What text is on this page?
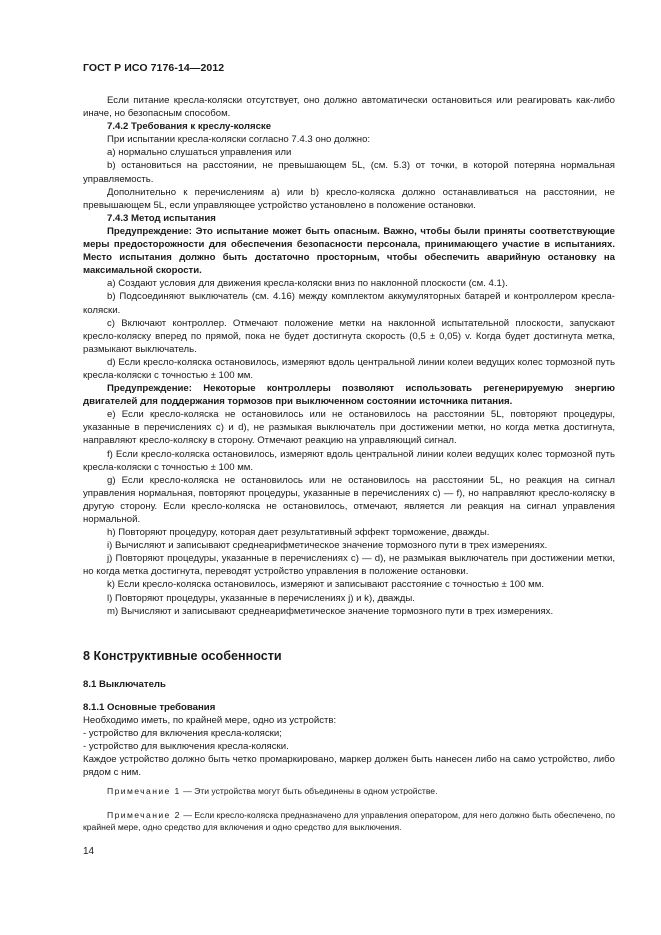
ГОСТ Р ИСО 7176-14—2012

Если питание кресла-коляски отсутствует, оно должно автоматически остановиться или реагировать как-либо иначе, но безопасным способом.

7.4.2 Требования к креслу-коляске

При испытании кресла-коляски согласно 7.4.3 оно должно:

a) нормально слушаться управления или

b) остановиться на расстоянии, не превышающем 5L, (см. 5.3) от точки, в которой потеряна нормальная управляемость.

Дополнительно к перечислениям a) или b) кресло-коляска должно останавливаться на расстоянии, не превышающем 5L, если управляющее устройство установлено в положение остановки.

7.4.3 Метод испытания

Предупреждение: Это испытание может быть опасным. Важно, чтобы были приняты соответствующие меры предосторожности для обеспечения безопасности персонала, принимающего участие в испытаниях. Место испытания должно быть достаточно просторным, чтобы обеспечить аварийную остановку на максимальной скорости.

a) Создают условия для движения кресла-коляски вниз по наклонной плоскости (см. 4.1).

b) Подсоединяют выключатель (см. 4.16) между комплектом аккумуляторных батарей и контроллером кресла-коляски.

c) Включают контроллер. Отмечают положение метки на наклонной испытательной плоскости, запускают кресло-коляску вперед по прямой, пока не будет достигнута скорость (0,5 ± 0,05) v. Когда будет достигнута метка, размыкают выключатель.

d) Если кресло-коляска остановилось, измеряют вдоль центральной линии колеи ведущих колес тормозной путь кресла-коляски с точностью ± 100 мм.

Предупреждение: Некоторые контроллеры позволяют использовать регенерируемую энергию двигателей для поддержания тормозов при выключенном состоянии источника питания.

e) Если кресло-коляска не остановилось или не остановилось на расстоянии 5L, повторяют процедуры, указанные в перечислениях c) и d), не размыкая выключатель при достижении метки, но когда метка достигнута, направляют кресло-коляску в сторону. Отмечают реакцию на управляющий сигнал.

f) Если кресло-коляска остановилось, измеряют вдоль центральной линии колеи ведущих колес тормозной путь кресла-коляски с точностью ± 100 мм.

g) Если кресло-коляска не остановилось или не остановилось на расстоянии 5L, но реакция на сигнал управления нормальная, повторяют процедуры, указанные в перечислениях c) — f), но направляют кресло-коляску в другую сторону. Если кресло-коляска не остановилось, отмечают, является ли реакция на сигнал управления нормальной.

h) Повторяют процедуру, которая дает результативный эффект торможение, дважды.

i) Вычисляют и записывают среднеарифметическое значение тормозного пути в трех измерениях.

j) Повторяют процедуры, указанные в перечислениях c) — d), не размыкая выключатель при достижении метки, но когда метка достигнута, переводят устройство управления в положение остановки.

k) Если кресло-коляска остановилось, измеряют и записывают расстояние с точностью ± 100 мм.

l) Повторяют процедуры, указанные в перечислениях j) и k), дважды.

m) Вычисляют и записывают среднеарифметическое значение тормозного пути в трех измерениях.

8 Конструктивные особенности

8.1 Выключатель

8.1.1 Основные требования

Необходимо иметь, по крайней мере, одно из устройств:

- устройство для включения кресла-коляски;

- устройство для выключения кресла-коляски.

Каждое устройство должно быть четко промаркировано, маркер должен быть нанесен либо на само устройство, либо рядом с ним.

Примечание 1 — Эти устройства могут быть объединены в одном устройстве.

Примечание 2 — Если кресло-коляска предназначено для управления оператором, для него должно быть обеспечено, по крайней мере, одно средство для включения и одно средство для выключения.

14
